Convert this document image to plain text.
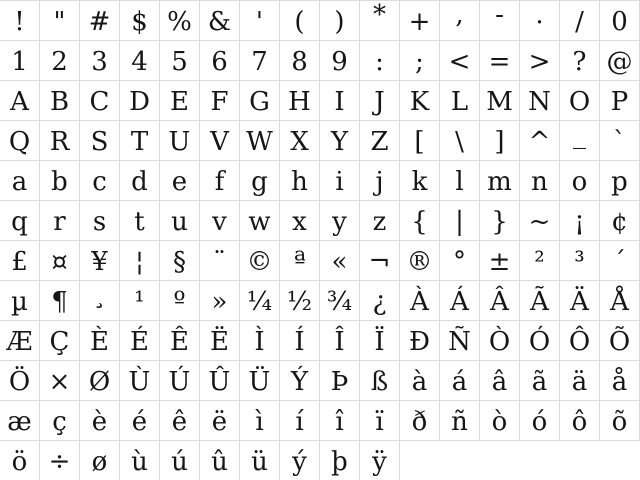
! " # $ % & ' ( ) * + , - . / 0
1 2 3 4 5 6 7 8 9 : ; < = > ? @
A B C D E F G H I J K L M N O P
Q R S T U V W X Y Z [ \ ] ^ _ `
a b c d e f g h i j k l m n o p
q r s t u v w x y z { | } ~ ¡ ¢
£ ¤ ¥ ¦ § ¨ © ª « ¬ ® ° ± ² ³ ´
µ ¶ ¸ ¹ º » ¼ ½ ¾ ¿ À Á Â Ã Ä Å
Æ Ç È É Ê Ë Ì Í Î Ï Ð Ñ Ò Ó Ô Õ
Ö × Ø Ù Ú Û Ü Ý Þ ß à á â ã ä å
æ ç è é ê ë ì í î ï ð ñ ò ó ô õ
ö ÷ ø ù ú û ü ý þ ÿ
